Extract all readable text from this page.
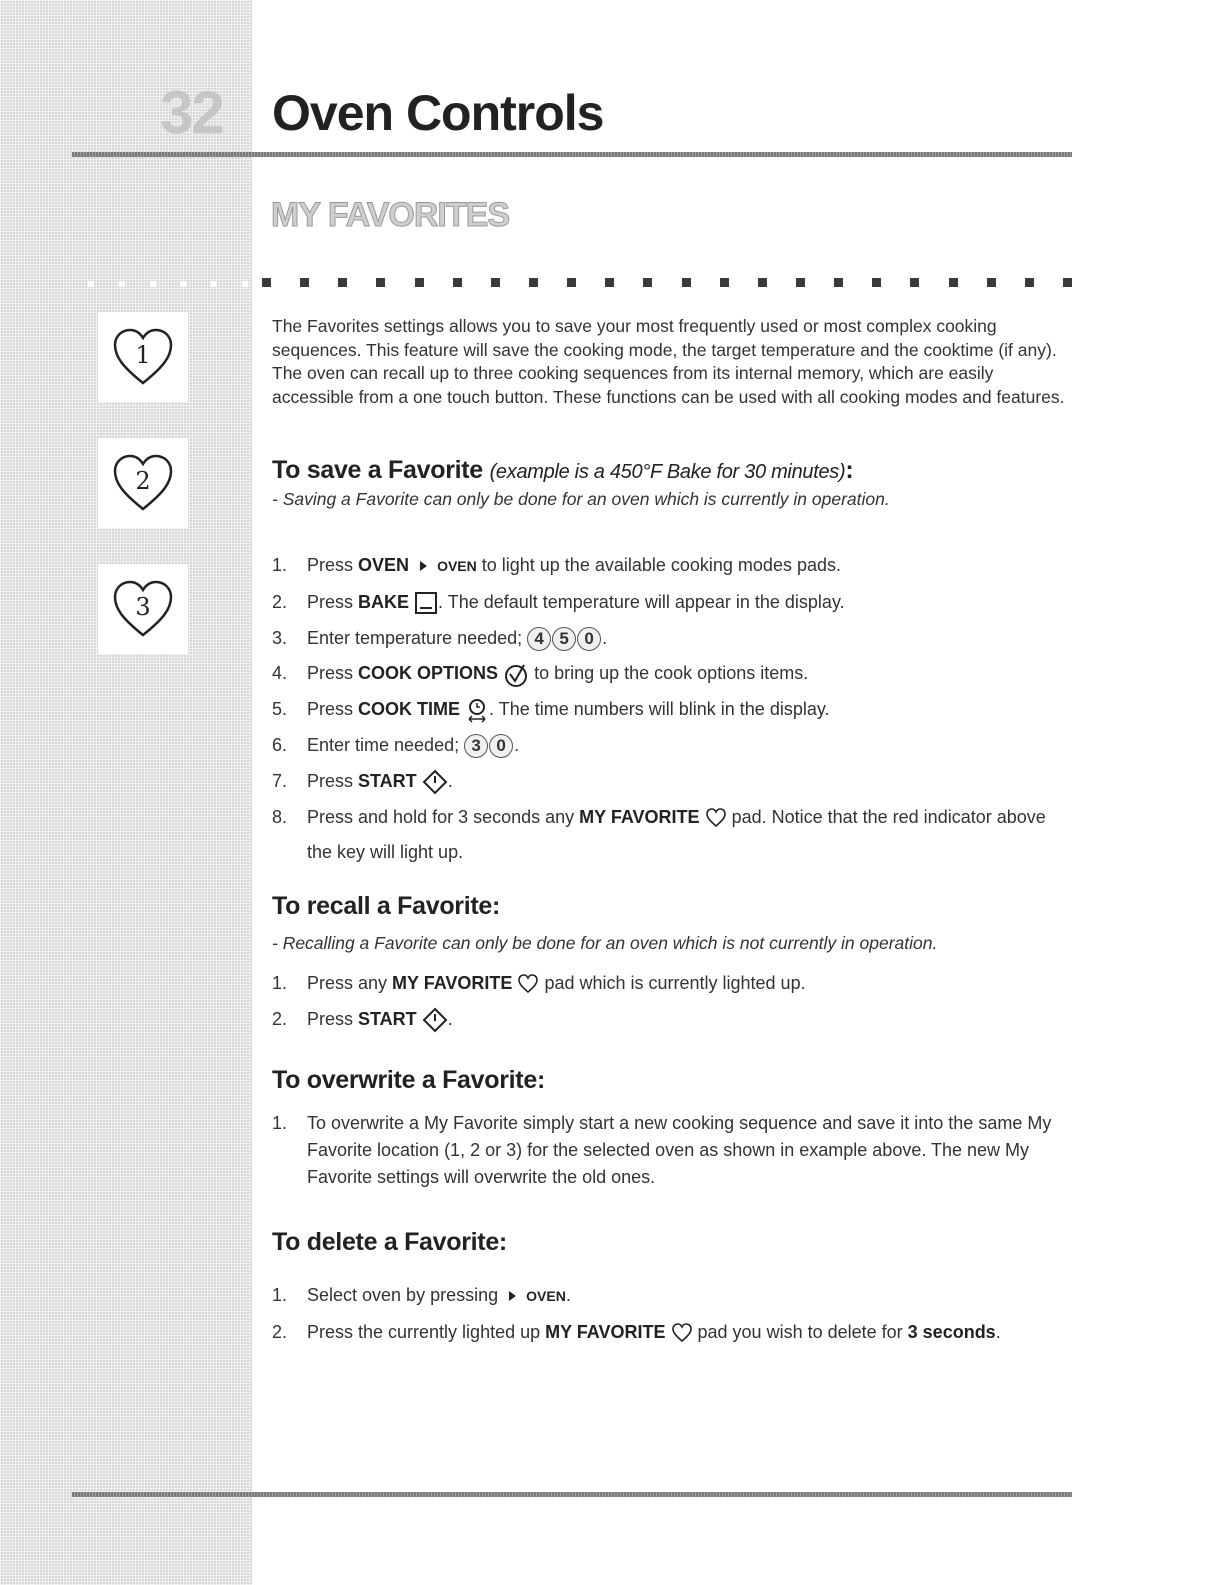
32 Oven Controls
MY FAVORITES
1
2
3
The Favorites settings allows you to save your most frequently used or most complex cooking sequences. This feature will save the cooking mode, the target temperature and the cooktime (if any). The oven can recall up to three cooking sequences from its internal memory, which are easily accessible from a one touch button. These functions can be used with all cooking modes and features.
To save a Favorite (example is a 450°F Bake for 30 minutes):
- Saving a Favorite can only be done for an oven which is currently in operation.
1. Press OVEN OVEN to light up the available cooking modes pads.
2. Press BAKE . The default temperature will appear in the display.
3. Enter temperature needed; 4 5 0 .
4. Press COOK OPTIONS  to bring up the cook options items.
5. Press COOK TIME . The time numbers will blink in the display.
6. Enter time needed; 3 0 .
7. Press START .
8. Press and hold for 3 seconds any MY FAVORITE  pad. Notice that the red indicator above the key will light up.
To recall a Favorite:
- Recalling a Favorite can only be done for an oven which is not currently in operation.
1. Press any MY FAVORITE  pad which is currently lighted up.
2. Press START .
To overwrite a Favorite:
1. To overwrite a My Favorite simply start a new cooking sequence and save it into the same My Favorite location (1, 2 or 3) for the selected oven as shown in example above. The new My Favorite settings will overwrite the old ones.
To delete a Favorite:
1. Select oven by pressing  OVEN.
2. Press the currently lighted up MY FAVORITE  pad you wish to delete for 3 seconds.
